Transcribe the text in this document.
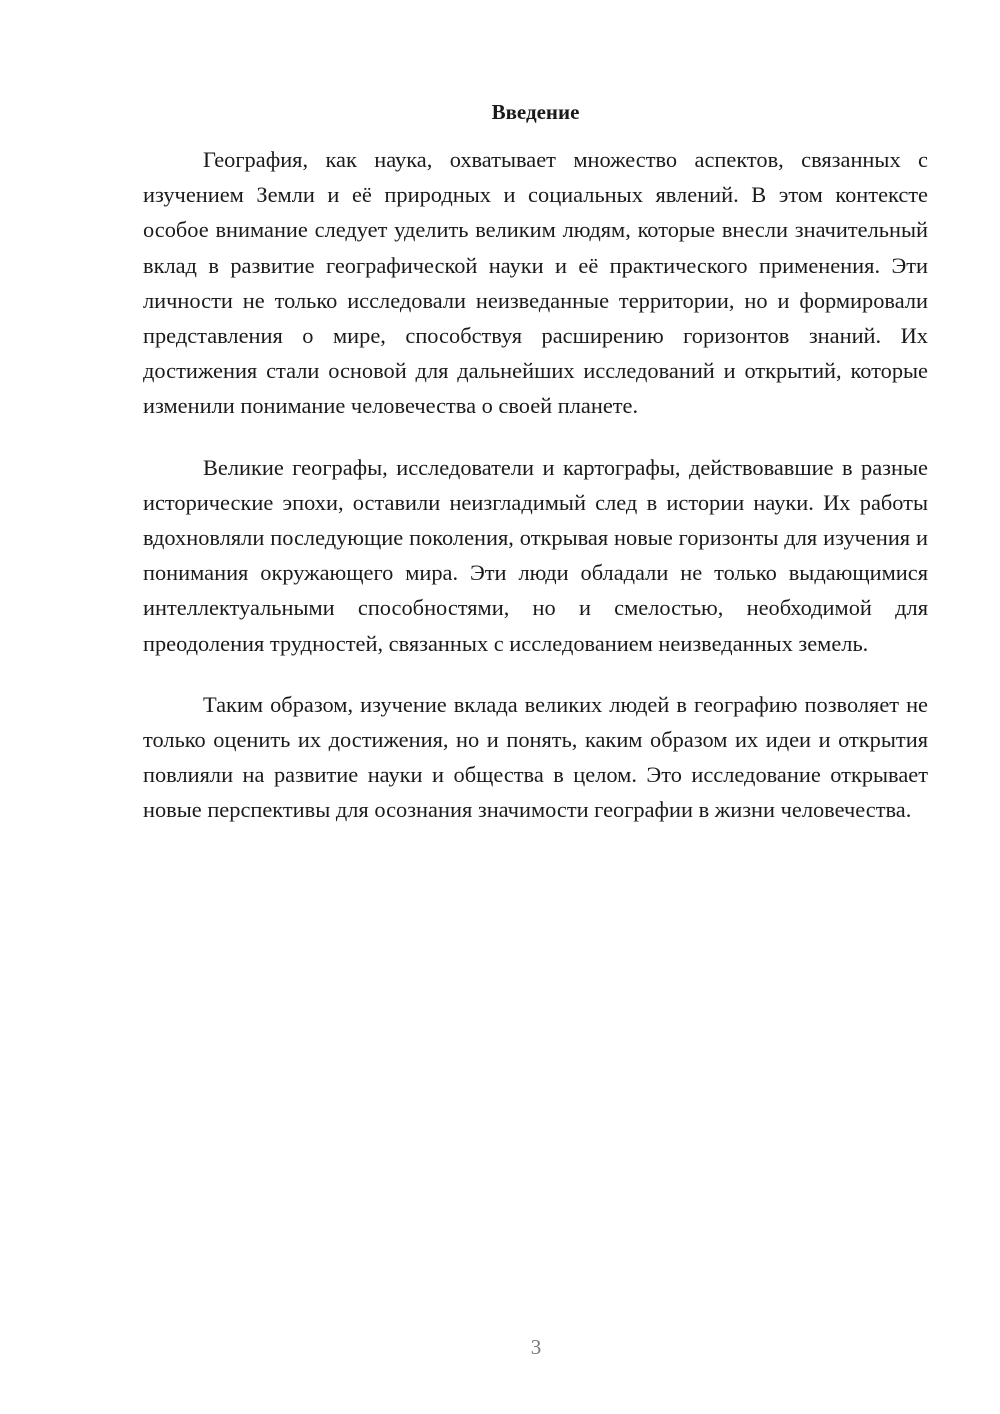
Введение

География, как наука, охватывает множество аспектов, связанных с изучением Земли и её природных и социальных явлений. В этом контексте особое внимание следует уделить великим людям, которые внесли значительный вклад в развитие географической науки и её практического применения. Эти личности не только исследовали неизведанные территории, но и формировали представления о мире, способствуя расширению горизонтов знаний. Их достижения стали основой для дальнейших исследований и открытий, которые изменили понимание человечества о своей планете.

Великие географы, исследователи и картографы, действовавшие в разные исторические эпохи, оставили неизгладимый след в истории науки. Их работы вдохновляли последующие поколения, открывая новые горизонты для изучения и понимания окружающего мира. Эти люди обладали не только выдающимися интеллектуальными способностями, но и смелостью, необходимой для преодоления трудностей, связанных с исследованием неизведанных земель.

Таким образом, изучение вклада великих людей в географию позволяет не только оценить их достижения, но и понять, каким образом их идеи и открытия повлияли на развитие науки и общества в целом. Это исследование открывает новые перспективы для осознания значимости географии в жизни человечества.

3
